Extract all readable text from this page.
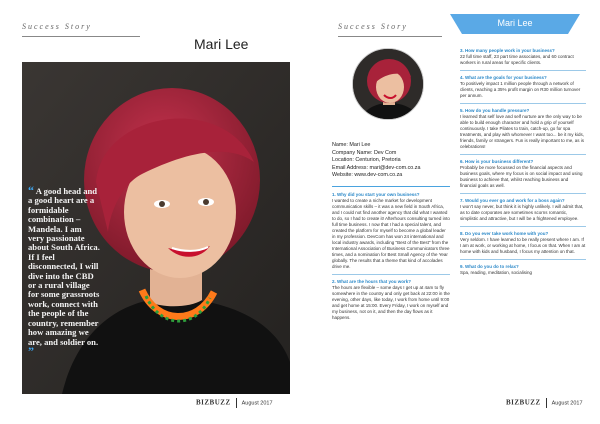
Success Story
Mari Lee
“ A good head and a good heart are a formidable combination – Mandela. I am very passionate about South Africa. If I feel disconnected, I will dive into the CBD or a rural village for some grassroots work, connect with the people of the country, remember how amazing we are, and soldier on. ”
BIZBUZZ August 2017
Success Story	Mari Lee
Name: Mari Lee
Company Name: Dev Com
Location: Centurion, Pretoria
Email Address: mari@dev-com.co.za
Website: www.dev-com.co.za
1. Why did you start your own business?
I wanted to create a niche market for development communication skills – it was a new field in South Africa, and I could not find another agency that did what I wanted to do, so I had to create it! Afterhours consulting turned into full time business. I now that I had a special talent, and created the platform for myself to become a global leader in my profession. DevCom has won 24 international and local industry awards, including "Best of the Best" from the International Association of Business Communicators three times, and a nomination for Best Small Agency of the Year globally. The results that a theme that kind of accolades drive me.
2. What are the hours that you work?
The hours are flexible – some days I get up at 4am to fly somewhere in the country and only get back at 22:00 in the evening, other days, like today, I work from home until 9:00 and get home at 15:00. Every Friday, I work on myself and my business, not on it, and then the day flows as it happens.
3. How many people work in your business?
22 full time staff, 23 part time associates, and 60 contract workers in rural areas for specific clients.
4. What are the goals for your business?
To positively impact 1 million people through a network of clients, reaching a 35% profit margin on R30 million turnover per annum.
5. How do you handle pressure?
I learned that self love and self nurture are the only way to be able to build enough character and hold a grip of yourself continuously. I take Pilates to train, catch-up, go for spa treatments, and play with whomever I want too... be it my kids, friends, family or strangers. Fun is really important to me, as is celebrations!
6. How is your business different?
Probably be more focussed on the financial aspects and business goals, where my focus is on social impact and using business to achieve that, whilst reaching business and financial goals as well.
7. Would you ever go and work for a boss again?
I won't say never, but think it is highly unlikely. I will admit that, as to date corporates are sometimes scorns romantic, simplistic and attractive, but I will be a frightened employee.
8. Do you ever take work home with you?
Very seldom. I have learned to be really present where I am. If I am at work, or working at home, I focus on that. When I am at home with kids and husband, I focus my attention on that.
9. What do you do to relax?
Spa, reading, meditation, socialising
BIZBUZZ August 2017
